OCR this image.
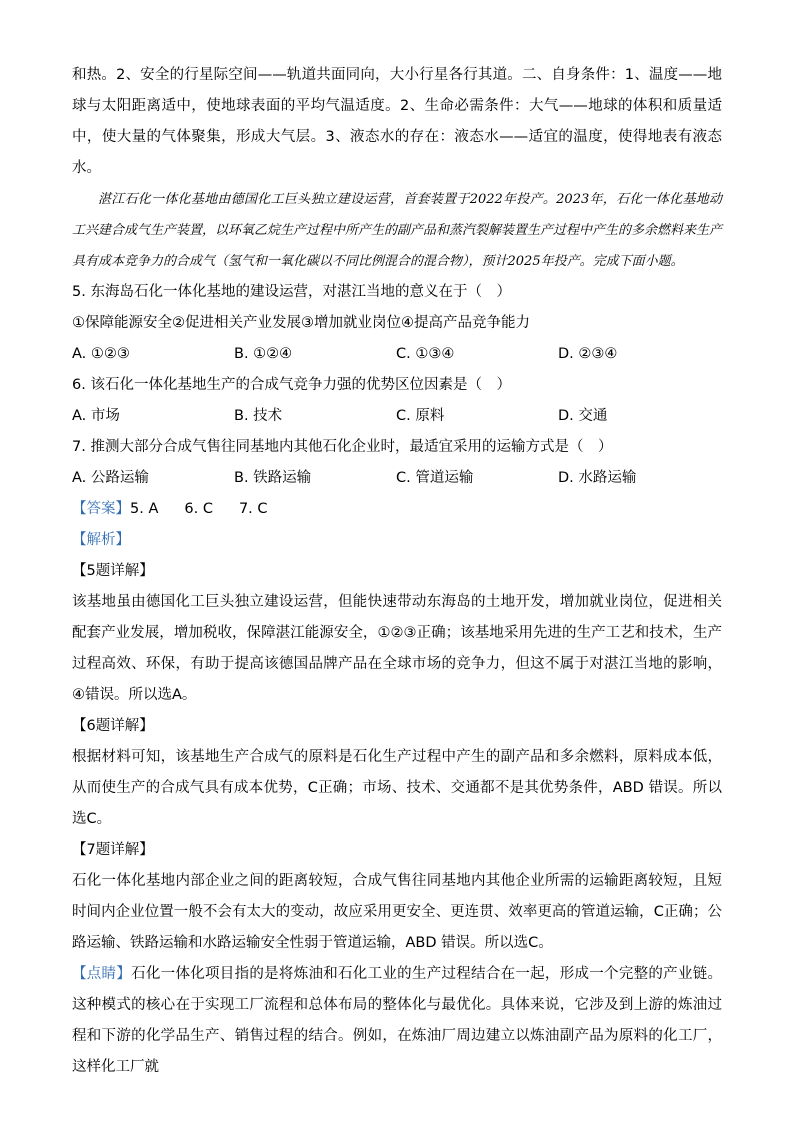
和热。2、安全的行星际空间——轨道共面同向，大小行星各行其道。二、自身条件：1、温度——地球与太阳距离适中，使地球表面的平均气温适度。2、生命必需条件：大气——地球的体积和质量适中，使大量的气体聚集，形成大气层。3、液态水的存在：液态水——适宜的温度，使得地表有液态水。

湛江石化一体化基地由德国化工巨头独立建设运营，首套装置于2022年投产。2023年，石化一体化基地动工兴建合成气生产装置，以环氧乙烷生产过程中所产生的副产品和蒸汽裂解装置生产过程中产生的多余燃料来生产具有成本竞争力的合成气（氢气和一氧化碳以不同比例混合的混合物），预计2025年投产。完成下面小题。

5. 东海岛石化一体化基地的建设运营，对湛江当地的意义在于（　）

①保障能源安全②促进相关产业发展③增加就业岗位④提高产品竞争能力

A. ①②③	B. ①②④	C. ①③④	D. ②③④

6. 该石化一体化基地生产的合成气竞争力强的优势区位因素是（　）

A. 市场	B. 技术	C. 原料	D. 交通

7. 推测大部分合成气售往同基地内其他石化企业时，最适宜采用的运输方式是（　）

A. 公路运输	B. 铁路运输	C. 管道运输	D. 水路运输

【答案】5. A 6. C 7. C

【解析】

【5题详解】

该基地虽由德国化工巨头独立建设运营，但能快速带动东海岛的土地开发，增加就业岗位，促进相关配套产业发展，增加税收，保障湛江能源安全，①②③正确；该基地采用先进的生产工艺和技术，生产过程高效、环保，有助于提高该德国品牌产品在全球市场的竞争力，但这不属于对湛江当地的影响，④错误。所以选A。

【6题详解】

根据材料可知，该基地生产合成气的原料是石化生产过程中产生的副产品和多余燃料，原料成本低，从而使生产的合成气具有成本优势，C正确；市场、技术、交通都不是其优势条件，ABD 错误。所以选C。

【7题详解】

石化一体化基地内部企业之间的距离较短，合成气售往同基地内其他企业所需的运输距离较短，且短时间内企业位置一般不会有太大的变动，故应采用更安全、更连贯、效率更高的管道运输，C正确；公路运输、铁路运输和水路运输安全性弱于管道运输，ABD 错误。所以选C。

【点睛】石化一体化项目指的是将炼油和石化工业的生产过程结合在一起，形成一个完整的产业链。这种模式的核心在于实现工厂流程和总体布局的整体化与最优化。具体来说，它涉及到上游的炼油过程和下游的化学品生产、销售过程的结合。例如，在炼油厂周边建立以炼油副产品为原料的化工厂，这样化工厂就
